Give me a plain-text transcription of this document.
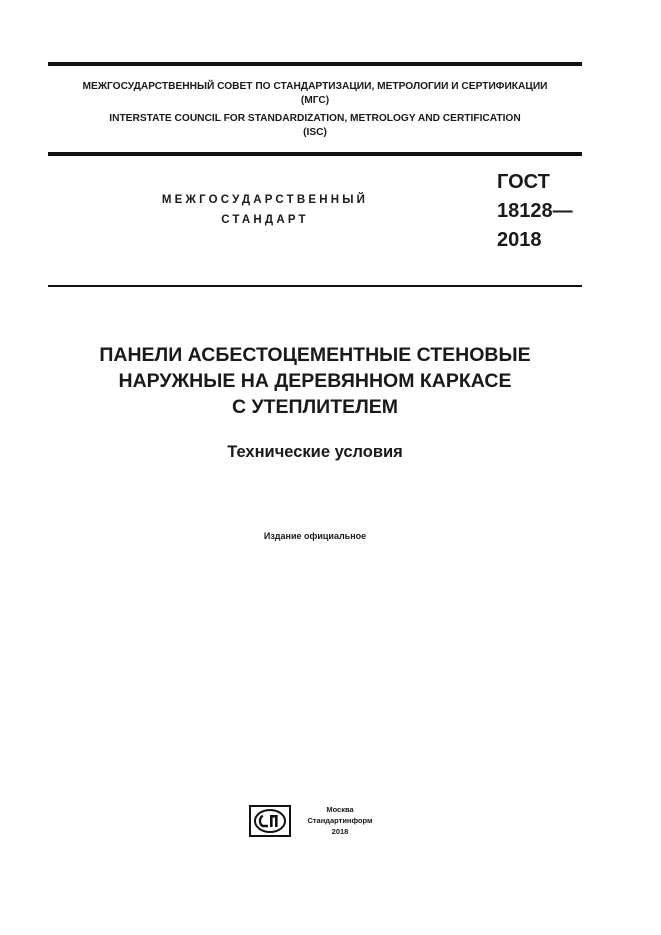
МЕЖГОСУДАРСТВЕННЫЙ СОВЕТ ПО СТАНДАРТИЗАЦИИ, МЕТРОЛОГИИ И СЕРТИФИКАЦИИ
(МГС)
INTERSTATE COUNCIL FOR STANDARDIZATION, METROLOGY AND CERTIFICATION
(ISC)
МЕЖГОСУДАРСТВЕННЫЙ
СТАНДАРТ
ГОСТ
18128—
2018
ПАНЕЛИ АСБЕСТОЦЕМЕНТНЫЕ СТЕНОВЫЕ
НАРУЖНЫЕ НА ДЕРЕВЯННОМ КАРКАСЕ
С УТЕПЛИТЕЛЕМ
Технические условия
Издание официальное
Москва
Стандартинформ
2018
